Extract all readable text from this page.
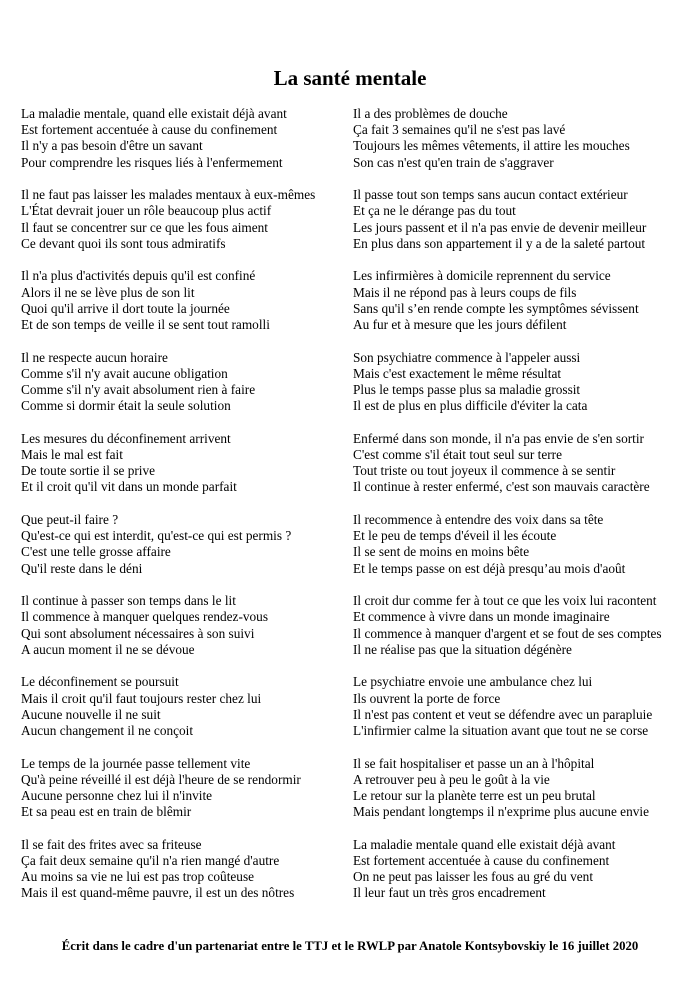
La santé mentale
La maladie mentale, quand elle existait déjà avant
Est fortement accentuée à cause du confinement
Il n'y a pas besoin d'être un savant
Pour comprendre les risques liés à l'enfermement
Il ne faut pas laisser les malades mentaux à eux-mêmes
L'État devrait jouer un rôle beaucoup plus actif
Il faut se concentrer sur ce que les fous aiment
Ce devant quoi ils sont tous admiratifs
Il n'a plus d'activités depuis qu'il est confiné
Alors il ne se lève plus de son lit
Quoi qu'il arrive il dort toute la journée
Et de son temps de veille il se sent tout ramolli
Il ne respecte aucun horaire
Comme s'il n'y avait aucune obligation
Comme s'il n'y avait absolument rien à faire
Comme si dormir était la seule solution
Les mesures du déconfinement arrivent
Mais le mal est fait
De toute sortie il se prive
Et il croit qu'il vit dans un monde parfait
Que peut-il faire ?
Qu'est-ce qui est interdit, qu'est-ce qui est permis ?
C'est une telle grosse affaire
Qu'il reste dans le déni
Il continue à passer son temps dans le lit
Il commence à manquer quelques rendez-vous
Qui sont absolument nécessaires à son suivi
A aucun moment il ne se dévoue
Le déconfinement se poursuit
Mais il croit qu'il faut toujours rester chez lui
Aucune nouvelle il ne suit
Aucun changement il ne conçoit
Le temps de la journée passe tellement vite
Qu'à peine réveillé il est déjà l'heure de se rendormir
Aucune personne chez lui il n'invite
Et sa peau est en train de blêmir
Il se fait des frites avec sa friteuse
Ça fait deux semaine qu'il n'a rien mangé d'autre
Au moins sa vie ne lui est pas trop coûteuse
Mais il est quand-même pauvre, il est un des nôtres
Il a des problèmes de douche
Ça fait 3 semaines qu'il ne s'est pas lavé
Toujours les mêmes vêtements, il attire les mouches
Son cas n'est qu'en train de s'aggraver
Il passe tout son temps sans aucun contact extérieur
Et ça ne le dérange pas du tout
Les jours passent et il n'a pas envie de devenir meilleur
En plus dans son appartement il y a de la saleté partout
Les infirmières à domicile reprennent du service
Mais il ne répond pas à leurs coups de fils
Sans qu'il s’en rende compte les symptômes sévissent
Au fur et à mesure que les jours défilent
Son psychiatre commence à l'appeler aussi
Mais c'est exactement le même résultat
Plus le temps passe plus sa maladie grossit
Il est de plus en plus difficile d'éviter la cata
Enfermé dans son monde, il n'a pas envie de s'en sortir
C'est comme s'il était tout seul sur terre
Tout triste ou tout joyeux il commence à se sentir
Il continue à rester enfermé, c'est son mauvais caractère
Il recommence à entendre des voix dans sa tête
Et le peu de temps d'éveil il les écoute
Il se sent de moins en moins bête
Et le temps passe on est déjà presqu’au mois d'août
Il croit dur comme fer à tout ce que les voix lui racontent
Et commence à vivre dans un monde imaginaire
Il commence à manquer d'argent et se fout de ses comptes
Il ne réalise pas que la situation dégénère
Le psychiatre envoie une ambulance chez lui
Ils ouvrent la porte de force
Il n'est pas content et veut se défendre avec un parapluie
L'infirmier calme la situation avant que tout ne se corse
Il se fait hospitaliser et passe un an à l'hôpital
A retrouver peu à peu le goût à la vie
Le retour sur la planète terre est un peu brutal
Mais pendant longtemps il n'exprime plus aucune envie
La maladie mentale quand elle existait déjà avant
Est fortement accentuée à cause du confinement
On ne peut pas laisser les fous au gré du vent
Il leur faut un très gros encadrement

Écrit dans le cadre d'un partenariat entre le TTJ et le RWLP par Anatole Kontsybovskiy le 16 juillet 2020
